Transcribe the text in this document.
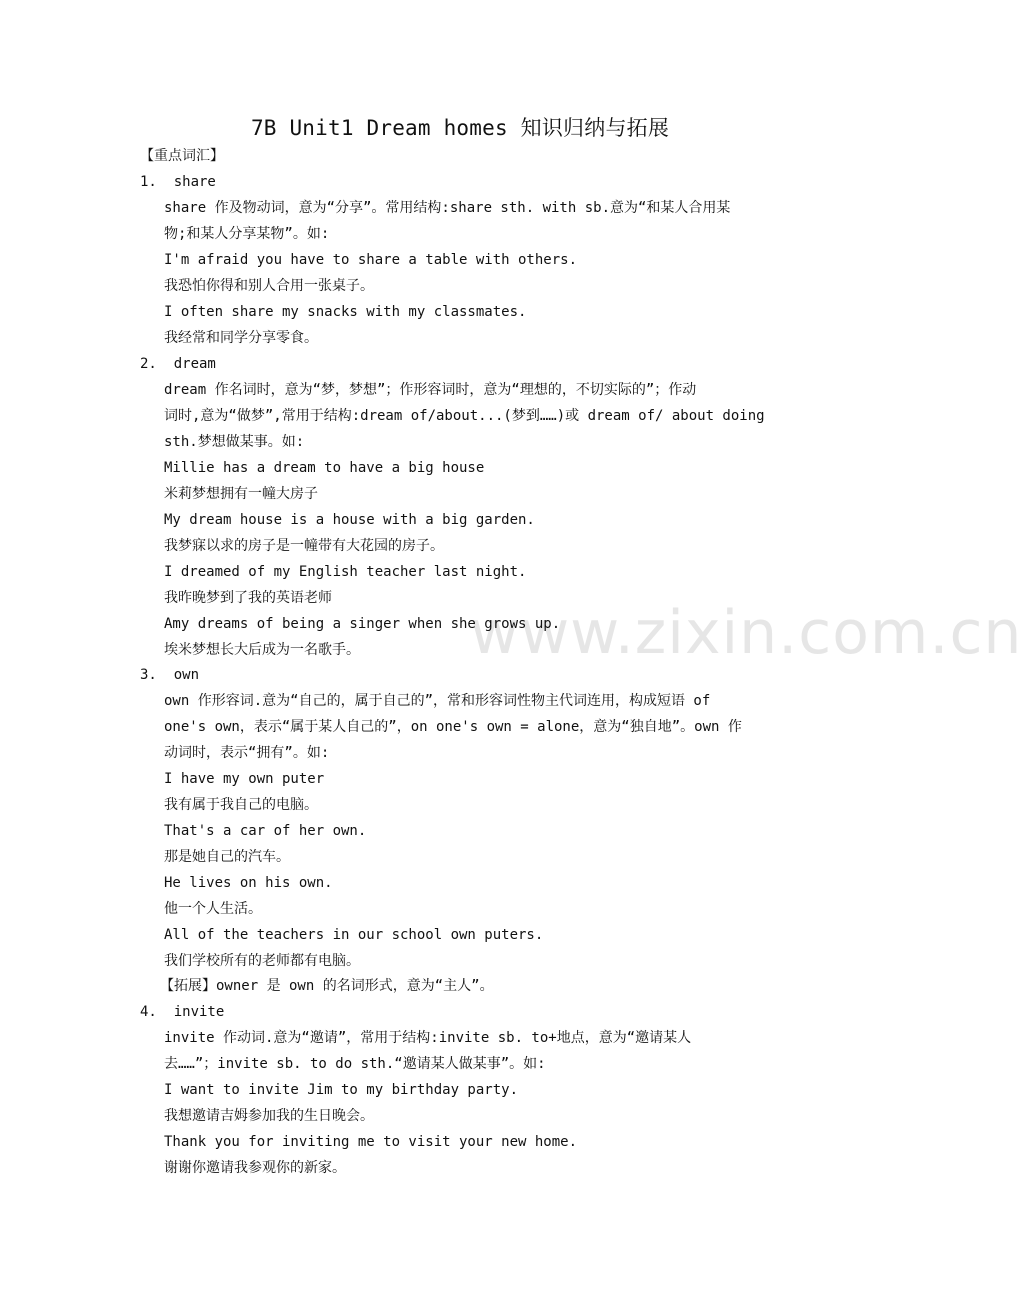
www.zixin.com.cn
7B Unit1 Dream homes 知识归纳与拓展
【重点词汇】
1. share
share 作及物动词，意为“分享”。常用结构:share sth. with sb.意为“和某人合用某
物;和某人分享某物”。如:
I'm afraid you have to share a table with others.
我恐怕你得和别人合用一张桌子。
I often share my snacks with my classmates.
我经常和同学分享零食。
2. dream
dream 作名词时，意为“梦，梦想”；作形容词时，意为“理想的，不切实际的”；作动
词时,意为“做梦”,常用于结构:dream of/about...(梦到……)或 dream of/ about doing
sth.梦想做某事。如:
Millie has a dream to have a big house
米莉梦想拥有一幢大房子
My dream house is a house with a big garden.
我梦寐以求的房子是一幢带有大花园的房子。
I dreamed of my English teacher last night.
我昨晚梦到了我的英语老师
Amy dreams of being a singer when she grows up.
埃米梦想长大后成为一名歌手。
3. own
own 作形容词.意为“自己的，属于自己的”，常和形容词性物主代词连用，构成短语 of
one's own，表示“属于某人自己的”，on one's own = alone，意为“独自地”。own 作
动词时，表示“拥有”。如:
I have my own puter
我有属于我自己的电脑。
That's a car of her own.
那是她自己的汽车。
He lives on his own.
他一个人生活。
All of the teachers in our school own puters.
我们学校所有的老师都有电脑。
【拓展】owner 是 own 的名词形式，意为“主人”。
4. invite
invite 作动词.意为“邀请”，常用于结构:invite sb. to+地点，意为“邀请某人
去……”；invite sb. to do sth.“邀请某人做某事”。如:
I want to invite Jim to my birthday party.
我想邀请吉姆参加我的生日晚会。
Thank you for inviting me to visit your new home.
谢谢你邀请我参观你的新家。
